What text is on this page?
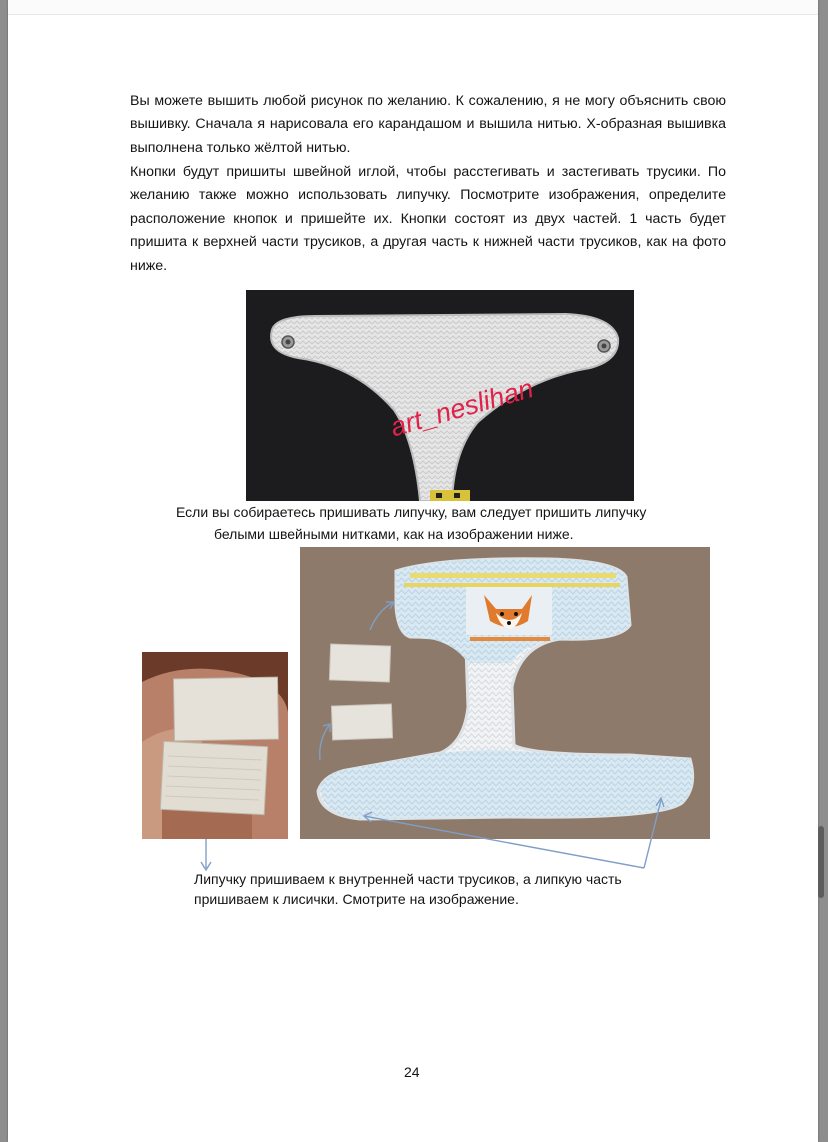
Вы можете вышить любой рисунок по желанию. К сожалению, я не могу объяснить свою вышивку. Сначала я нарисовала его карандашом и вышила нитью. Х-образная вышивка выполнена только жёлтой нитью.

Кнопки будут пришиты швейной иглой, чтобы расстегивать и застегивать трусики. По желанию также можно использовать липучку. Посмотрите изображения, определите расположение кнопок и пришейте их. Кнопки состоят из двух частей. 1 часть будет пришита к верхней части трусиков, а другая часть к нижней части трусиков, как на фото ниже.

art_neslihan

Если вы собираетесь пришивать липучку, вам следует пришить липучку

белыми швейными нитками, как на изображении ниже.

Липучку пришиваем к внутренней части трусиков, а липкую часть

пришиваем к лисички. Смотрите на изображение.

24
